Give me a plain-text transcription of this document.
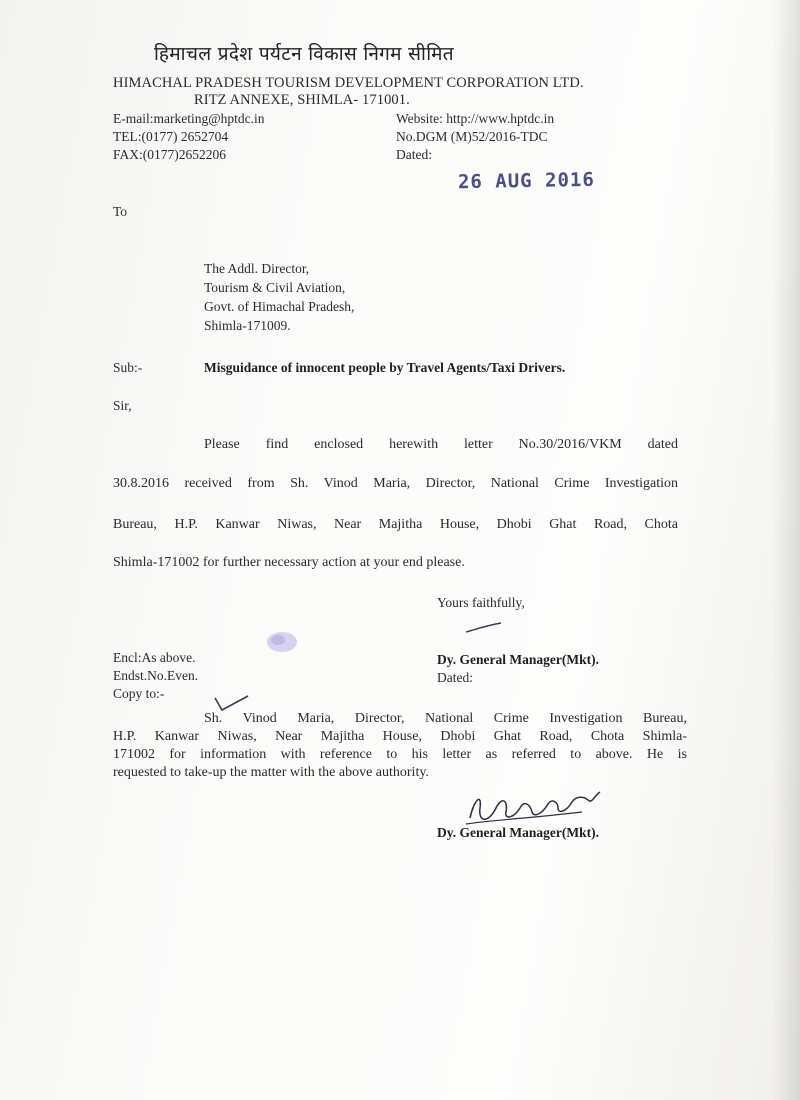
हिमाचल प्रदेश पर्यटन विकास निगम सीमित
HIMACHAL PRADESH TOURISM DEVELOPMENT CORPORATION LTD.
RITZ ANNEXE, SHIMLA- 171001.
E-mail:marketing@hptdc.in
TEL:(0177) 2652704
FAX:(0177)2652206
Website: http://www.hptdc.in
No.DGM (M)52/2016-TDC
Dated:
26 AUG 2016
To
The Addl. Director,
Tourism & Civil Aviation,
Govt. of Himachal Pradesh,
Shimla-171009.
Sub:-	Misguidance of innocent people by Travel Agents/Taxi Drivers.
Sir,
Please find enclosed herewith letter No.30/2016/VKM dated
30.8.2016 received from Sh. Vinod Maria, Director, National Crime Investigation
Bureau, H.P. Kanwar Niwas, Near Majitha House, Dhobi Ghat Road, Chota
Shimla-171002 for further necessary action at your end please.
Yours faithfully,
Encl:As above.	Dy. General Manager(Mkt).
Endst.No.Even.	Dated:
Copy to:-
Sh. Vinod Maria, Director, National Crime Investigation Bureau,
H.P. Kanwar Niwas, Near Majitha House, Dhobi Ghat Road, Chota Shimla-
171002 for information with reference to his letter as referred to above. He is
requested to take-up the matter with the above authority.
Dy. General Manager(Mkt).
